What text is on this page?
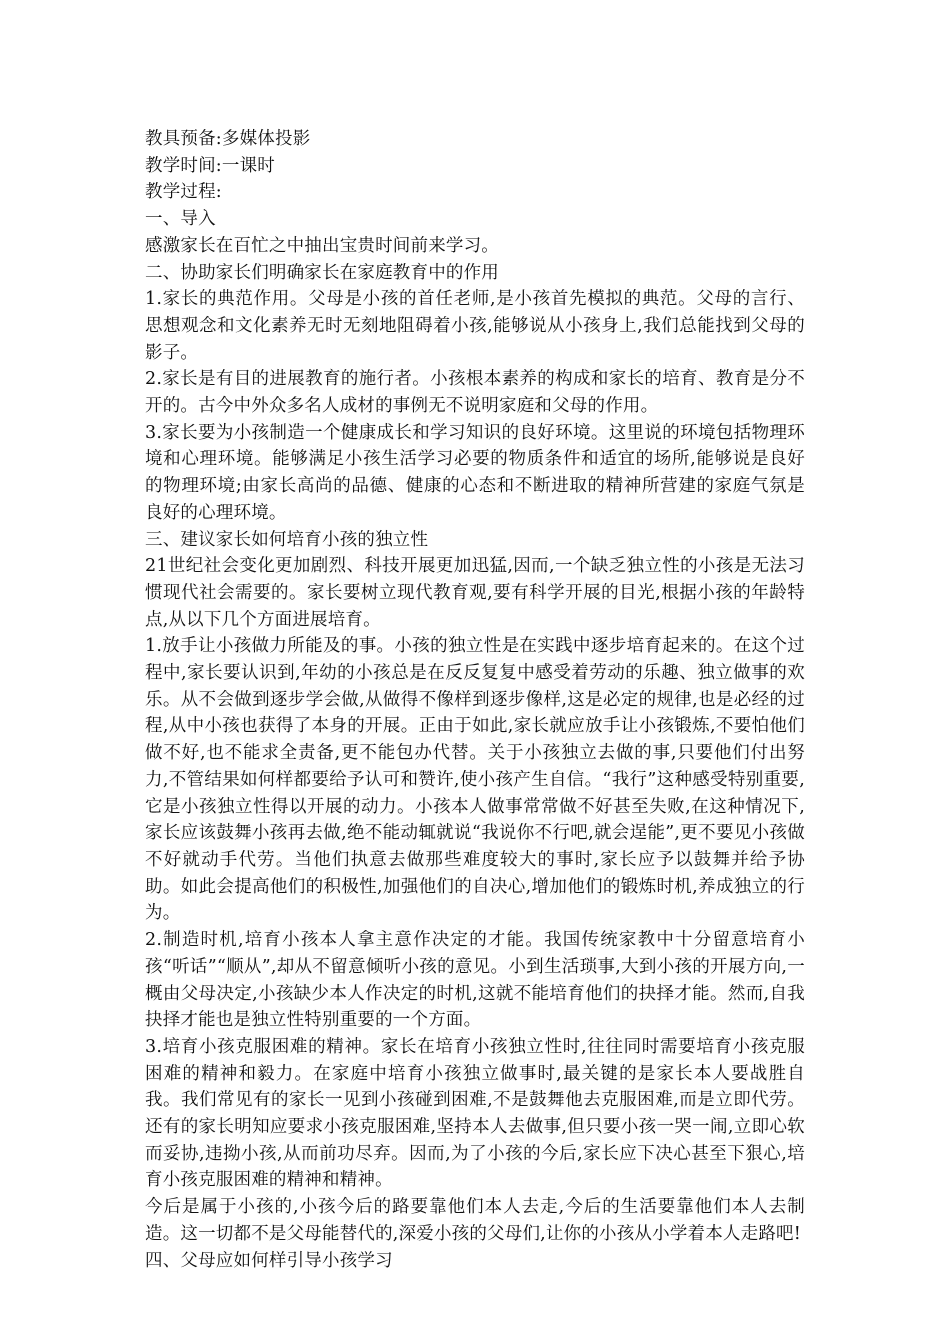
教具预备:多媒体投影

教学时间:一课时

教学过程:

一、导入

感激家长在百忙之中抽出宝贵时间前来学习。

二、协助家长们明确家长在家庭教育中的作用

1.家长的典范作用。父母是小孩的首任老师,是小孩首先模拟的典范。父母的言行、思想观念和文化素养无时无刻地阻碍着小孩,能够说从小孩身上,我们总能找到父母的影子。

2.家长是有目的进展教育的施行者。小孩根本素养的构成和家长的培育、教育是分不开的。古今中外众多名人成材的事例无不说明家庭和父母的作用。

3.家长要为小孩制造一个健康成长和学习知识的良好环境。这里说的环境包括物理环境和心理环境。能够满足小孩生活学习必要的物质条件和适宜的场所,能够说是良好的物理环境;由家长高尚的品德、健康的心态和不断进取的精神所营建的家庭气氛是良好的心理环境。

三、建议家长如何培育小孩的独立性

21世纪社会变化更加剧烈、科技开展更加迅猛,因而,一个缺乏独立性的小孩是无法习惯现代社会需要的。家长要树立现代教育观,要有科学开展的目光,根据小孩的年龄特点,从以下几个方面进展培育。

1.放手让小孩做力所能及的事。小孩的独立性是在实践中逐步培育起来的。在这个过程中,家长要认识到,年幼的小孩总是在反反复复中感受着劳动的乐趣、独立做事的欢乐。从不会做到逐步学会做,从做得不像样到逐步像样,这是必定的规律,也是必经的过程,从中小孩也获得了本身的开展。正由于如此,家长就应放手让小孩锻炼,不要怕他们做不好,也不能求全责备,更不能包办代替。关于小孩独立去做的事,只要他们付出努力,不管结果如何样都要给予认可和赞许,使小孩产生自信。“我行”这种感受特别重要,它是小孩独立性得以开展的动力。小孩本人做事常常做不好甚至失败,在这种情况下,家长应该鼓舞小孩再去做,绝不能动辄就说“我说你不行吧,就会逞能”,更不要见小孩做不好就动手代劳。当他们执意去做那些难度较大的事时,家长应予以鼓舞并给予协助。如此会提高他们的积极性,加强他们的自决心,增加他们的锻炼时机,养成独立的行为。

2.制造时机,培育小孩本人拿主意作决定的才能。我国传统家教中十分留意培育小孩“听话”“顺从”,却从不留意倾听小孩的意见。小到生活琐事,大到小孩的开展方向,一概由父母决定,小孩缺少本人作决定的时机,这就不能培育他们的抉择才能。然而,自我抉择才能也是独立性特别重要的一个方面。

3.培育小孩克服困难的精神。家长在培育小孩独立性时,往往同时需要培育小孩克服困难的精神和毅力。在家庭中培育小孩独立做事时,最关键的是家长本人要战胜自我。我们常见有的家长一见到小孩碰到困难,不是鼓舞他去克服困难,而是立即代劳。还有的家长明知应要求小孩克服困难,坚持本人去做事,但只要小孩一哭一闹,立即心软而妥协,违拗小孩,从而前功尽弃。因而,为了小孩的今后,家长应下决心甚至下狠心,培育小孩克服困难的精神和精神。

今后是属于小孩的,小孩今后的路要靠他们本人去走,今后的生活要靠他们本人去制造。这一切都不是父母能替代的,深爱小孩的父母们,让你的小孩从小学着本人走路吧!

四、父母应如何样引导小孩学习
